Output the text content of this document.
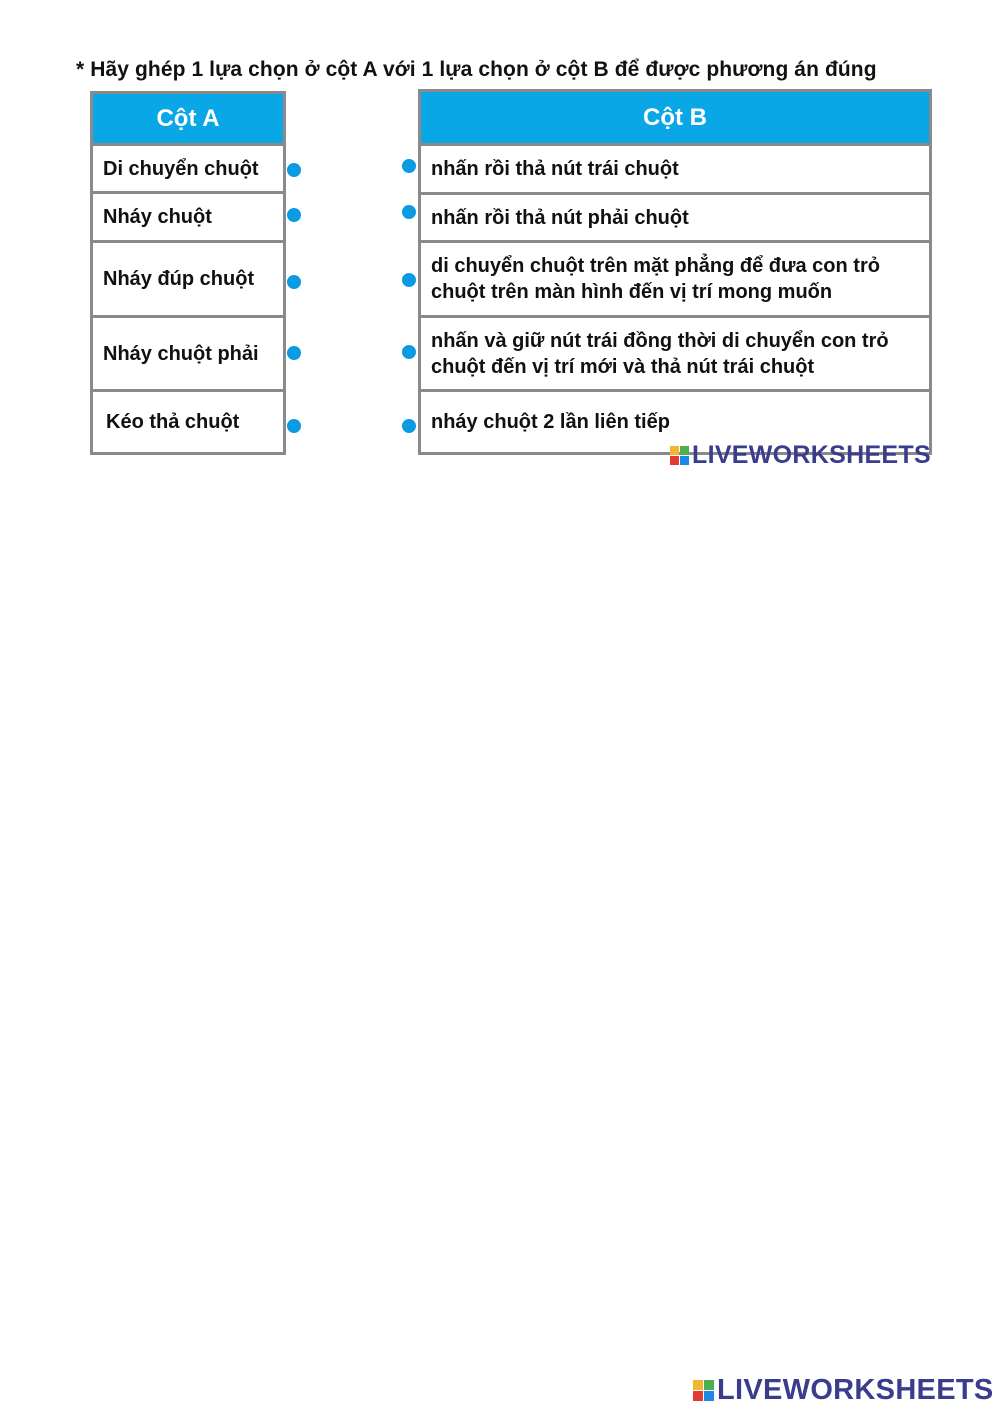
* Hãy ghép 1 lựa chọn ở cột A với 1 lựa chọn ở cột B để được phương án đúng
Cột A
Di chuyển chuột
Nháy chuột
Nháy đúp chuột
Nháy chuột phải
Kéo thả chuột
Cột B
nhấn rồi thả nút trái chuột
nhấn rồi thả nút phải chuột
di chuyển chuột trên mặt phẳng để đưa con trỏ chuột trên màn hình đến vị trí mong muốn
nhấn và giữ nút trái đồng thời di chuyển con trỏ chuột đến vị trí mới và thả nút trái chuột
nháy chuột 2 lần liên tiếp
LIVEWORKSHEETS
LIVEWORKSHEETS
